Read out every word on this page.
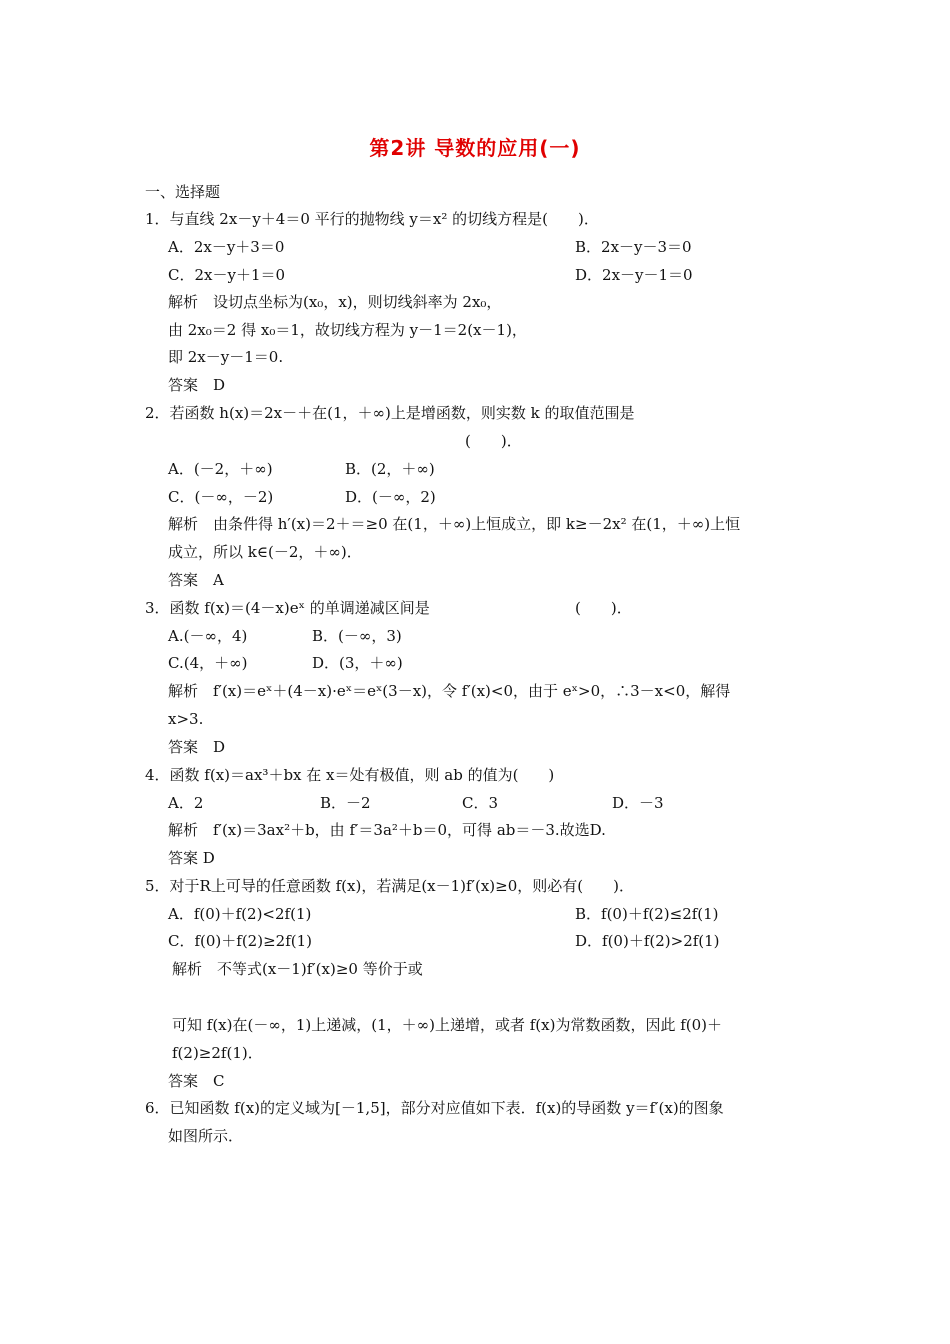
第2讲 导数的应用(一)
一、选择题
1．与直线 2x－y＋4＝0 平行的抛物线 y＝x² 的切线方程是(　　)．
A．2x－y＋3＝0	B．2x－y－3＝0
C．2x－y＋1＝0	D．2x－y－1＝0
解析　设切点坐标为(x₀，x)，则切线斜率为 2x₀，
由 2x₀＝2 得 x₀＝1，故切线方程为 y－1＝2(x－1)，
即 2x－y－1＝0.
答案　D
2．若函数 h(x)＝2x－＋在(1，＋∞)上是增函数，则实数 k 的取值范围是
(　　)．
A．(－2，＋∞)	B．(2，＋∞)
C．(－∞，－2)	D．(－∞，2)
解析　由条件得 h′(x)＝2＋＝≥0 在(1，＋∞)上恒成立，即 k≥－2x² 在(1，＋∞)上恒
成立，所以 k∈(－2，＋∞)．
答案　A
3．函数 f(x)＝(4－x)eˣ 的单调递减区间是	(　　)．
A.(－∞，4)	B．(－∞，3)
C.(4，＋∞)	D．(3，＋∞)
解析　f′(x)＝eˣ＋(4－x)·eˣ＝eˣ(3－x)，令 f′(x)<0，由于 eˣ>0，∴3－x<0，解得
x>3.
答案　D
4．函数 f(x)＝ax³＋bx 在 x＝处有极值，则 ab 的值为(　　)
A．2	B．－2	C．3	D．－3
解析　f′(x)＝3ax²＋b，由 f′＝3a²＋b＝0，可得 ab＝－3.故选D.
答案 D
5．对于R上可导的任意函数 f(x)，若满足(x－1)f′(x)≥0，则必有(　　)．
A．f(0)＋f(2)<2f(1)	B．f(0)＋f(2)≤2f(1)
C．f(0)＋f(2)≥2f(1)	D．f(0)＋f(2)>2f(1)
解析　不等式(x－1)f′(x)≥0 等价于或
可知 f(x)在(－∞，1)上递减，(1，＋∞)上递增，或者 f(x)为常数函数，因此 f(0)＋
f(2)≥2f(1)．
答案　C
6．已知函数 f(x)的定义域为[－1,5]，部分对应值如下表．f(x)的导函数 y＝f′(x)的图象
如图所示．
